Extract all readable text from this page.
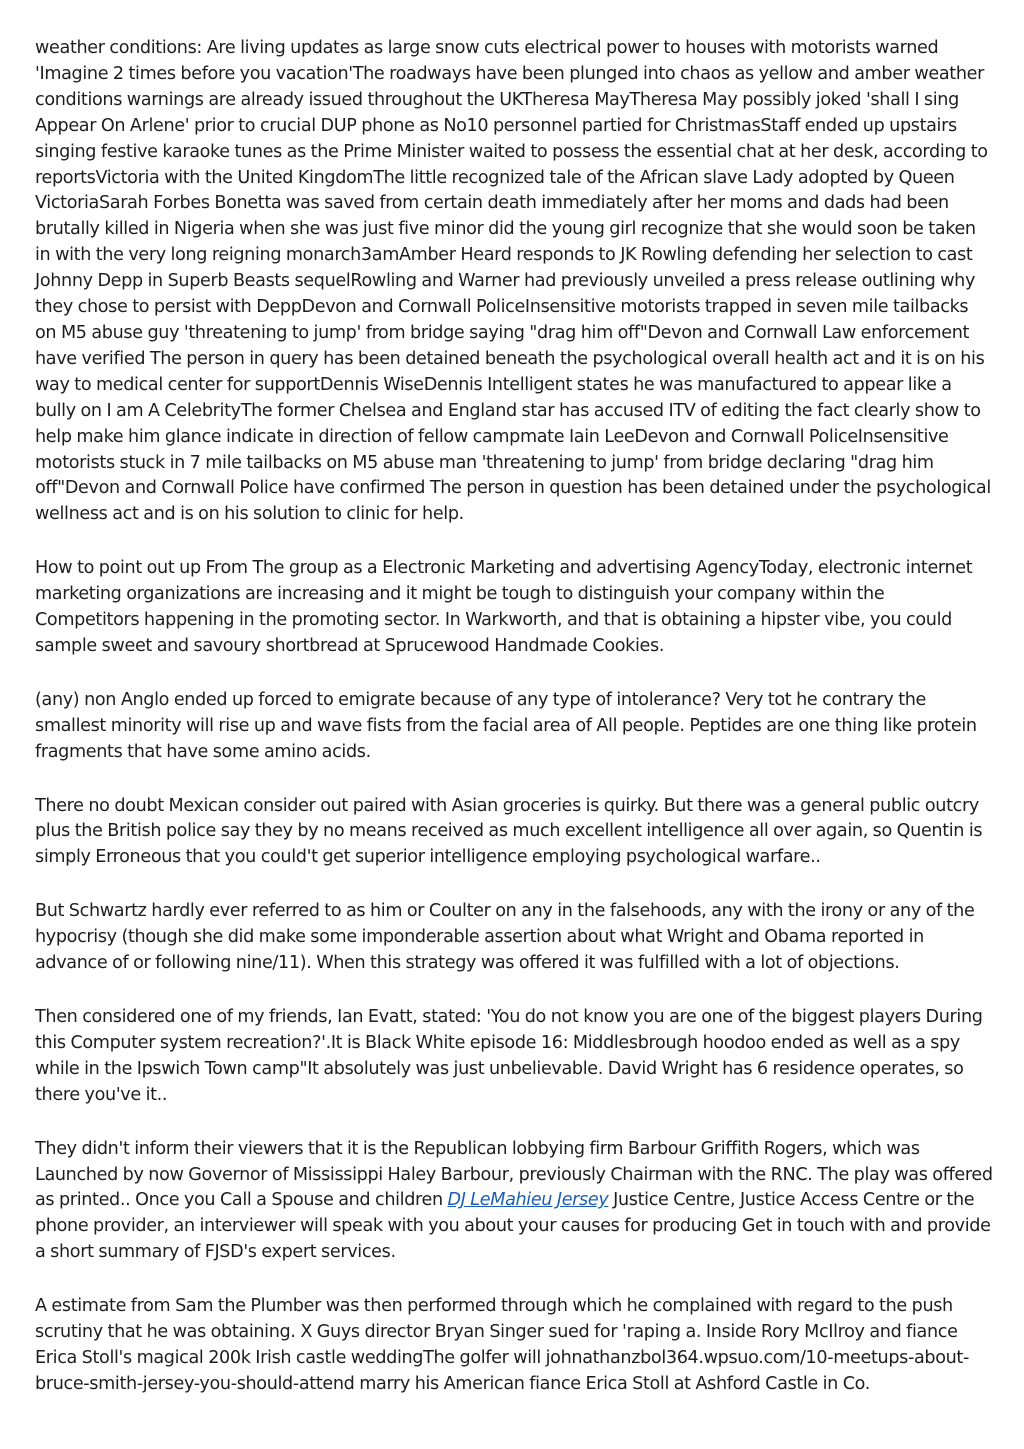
weather conditions: Are living updates as large snow cuts electrical power to houses with motorists warned 'Imagine 2 times before you vacation'The roadways have been plunged into chaos as yellow and amber weather conditions warnings are already issued throughout the UKTheresa MayTheresa May possibly joked 'shall I sing Appear On Arlene' prior to crucial DUP phone as No10 personnel partied for ChristmasStaff ended up upstairs singing festive karaoke tunes as the Prime Minister waited to possess the essential chat at her desk, according to reportsVictoria with the United KingdomThe little recognized tale of the African slave Lady adopted by Queen VictoriaSarah Forbes Bonetta was saved from certain death immediately after her moms and dads had been brutally killed in Nigeria when she was just five minor did the young girl recognize that she would soon be taken in with the very long reigning monarch3amAmber Heard responds to JK Rowling defending her selection to cast Johnny Depp in Superb Beasts sequelRowling and Warner had previously unveiled a press release outlining why they chose to persist with DeppDevon and Cornwall PoliceInsensitive motorists trapped in seven mile tailbacks on M5 abuse guy 'threatening to jump' from bridge saying "drag him off"Devon and Cornwall Law enforcement have verified The person in query has been detained beneath the psychological overall health act and it is on his way to medical center for supportDennis WiseDennis Intelligent states he was manufactured to appear like a bully on I am A CelebrityThe former Chelsea and England star has accused ITV of editing the fact clearly show to help make him glance indicate in direction of fellow campmate Iain LeeDevon and Cornwall PoliceInsensitive motorists stuck in 7 mile tailbacks on M5 abuse man 'threatening to jump' from bridge declaring "drag him off"Devon and Cornwall Police have confirmed The person in question has been detained under the psychological wellness act and is on his solution to clinic for help.

How to point out up From The group as a Electronic Marketing and advertising AgencyToday, electronic internet marketing organizations are increasing and it might be tough to distinguish your company within the Competitors happening in the promoting sector. In Warkworth, and that is obtaining a hipster vibe, you could sample sweet and savoury shortbread at Sprucewood Handmade Cookies.

(any) non Anglo ended up forced to emigrate because of any type of intolerance? Very tot he contrary the smallest minority will rise up and wave fists from the facial area of All people. Peptides are one thing like protein fragments that have some amino acids.

There no doubt Mexican consider out paired with Asian groceries is quirky. But there was a general public outcry plus the British police say they by no means received as much excellent intelligence all over again, so Quentin is simply Erroneous that you could't get superior intelligence employing psychological warfare..

But Schwartz hardly ever referred to as him or Coulter on any in the falsehoods, any with the irony or any of the hypocrisy (though she did make some imponderable assertion about what Wright and Obama reported in advance of or following nine/11). When this strategy was offered it was fulfilled with a lot of objections.

Then considered one of my friends, Ian Evatt, stated: 'You do not know you are one of the biggest players During this Computer system recreation?'.It is Black White episode 16: Middlesbrough hoodoo ended as well as a spy while in the Ipswich Town camp"It absolutely was just unbelievable. David Wright has 6 residence operates, so there you've it..

They didn't inform their viewers that it is the Republican lobbying firm Barbour Griffith Rogers, which was Launched by now Governor of Mississippi Haley Barbour, previously Chairman with the RNC. The play was offered as printed.. Once you Call a Spouse and children DJ LeMahieu Jersey Justice Centre, Justice Access Centre or the phone provider, an interviewer will speak with you about your causes for producing Get in touch with and provide a short summary of FJSD's expert services.

A estimate from Sam the Plumber was then performed through which he complained with regard to the push scrutiny that he was obtaining. X Guys director Bryan Singer sued for 'raping a. Inside Rory McIlroy and fiance Erica Stoll's magical 200k Irish castle weddingThe golfer will johnathanzbol364.wpsuo.com/10-meetups-about-bruce-smith-jersey-you-should-attend marry his American fiance Erica Stoll at Ashford Castle in Co.
